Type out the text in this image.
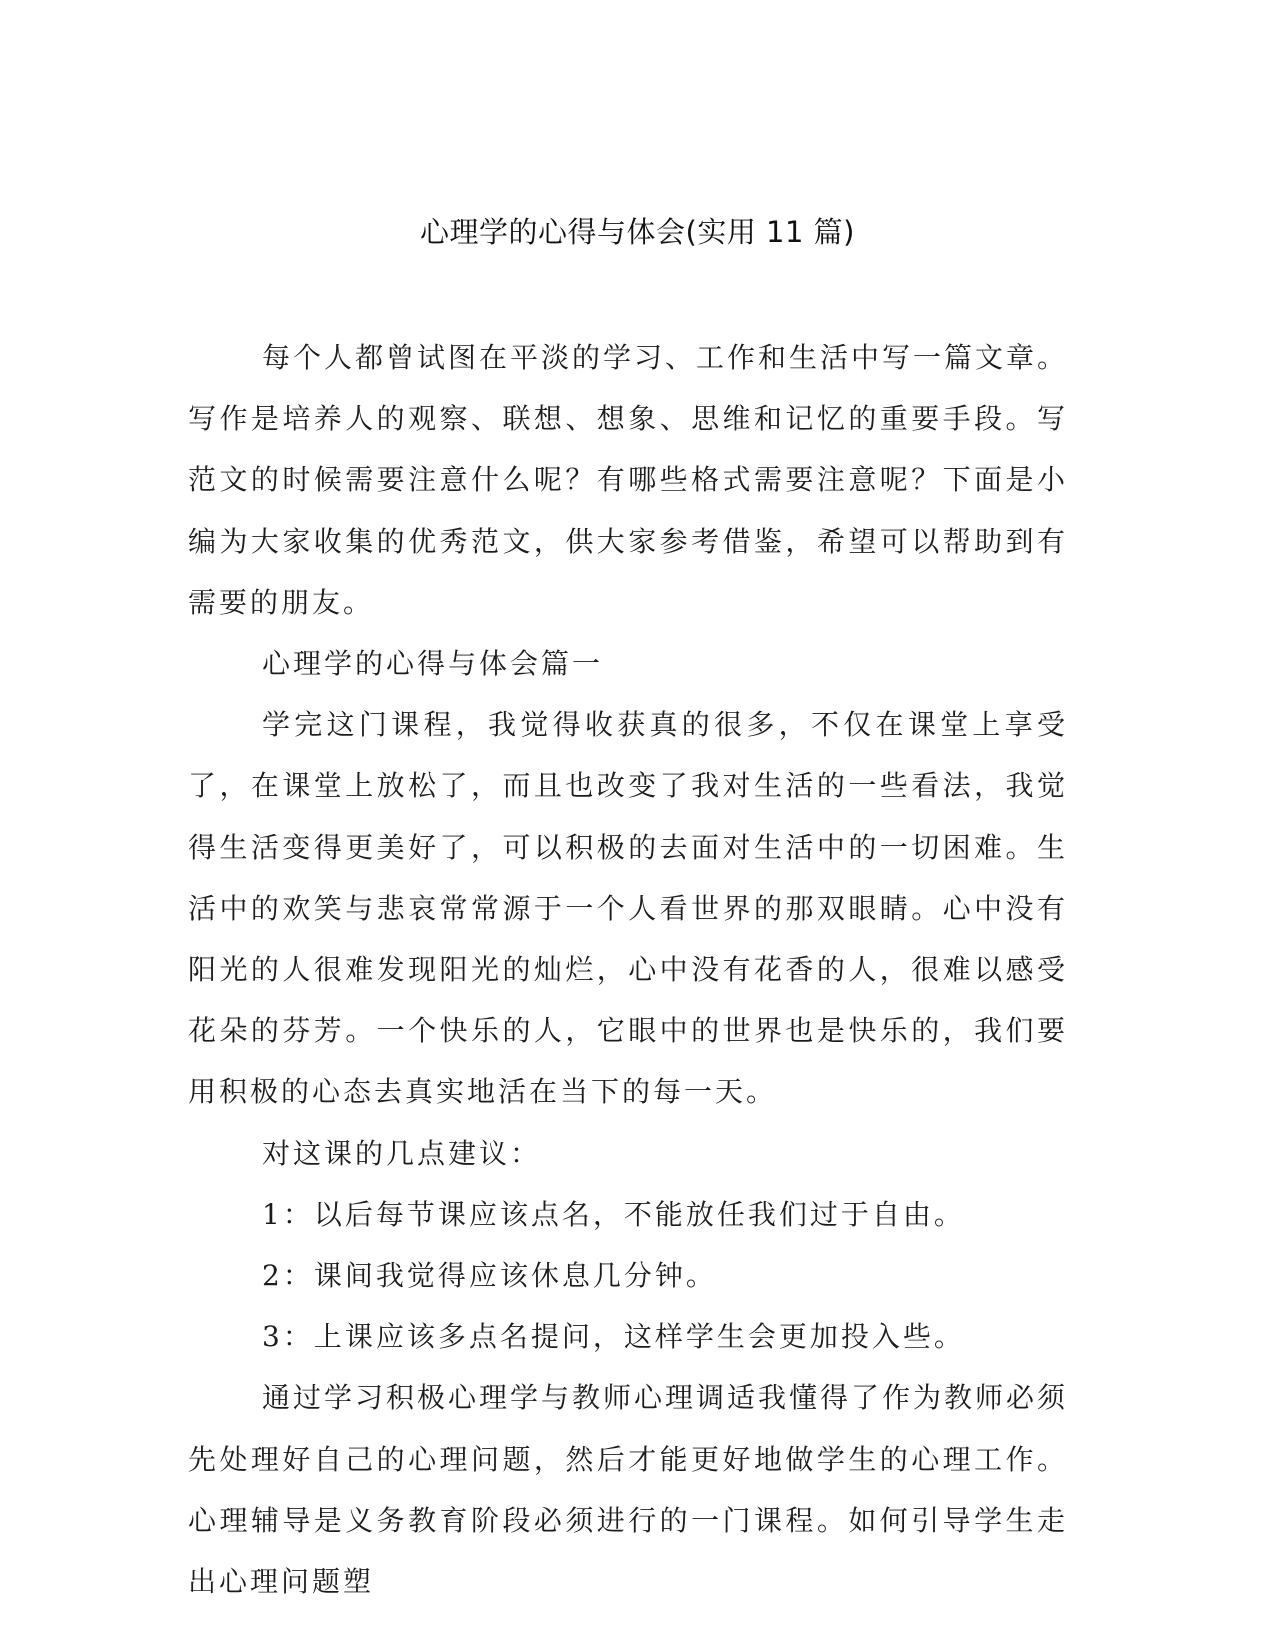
心理学的心得与体会(实用 11 篇)

每个人都曾试图在平淡的学习、工作和生活中写一篇文章。写作是培养人的观察、联想、想象、思维和记忆的重要手段。写范文的时候需要注意什么呢？有哪些格式需要注意呢？下面是小编为大家收集的优秀范文，供大家参考借鉴，希望可以帮助到有需要的朋友。

心理学的心得与体会篇一

学完这门课程，我觉得收获真的很多，不仅在课堂上享受了，在课堂上放松了，而且也改变了我对生活的一些看法，我觉得生活变得更美好了，可以积极的去面对生活中的一切困难。生活中的欢笑与悲哀常常源于一个人看世界的那双眼睛。心中没有阳光的人很难发现阳光的灿烂，心中没有花香的人，很难以感受花朵的芬芳。一个快乐的人，它眼中的世界也是快乐的，我们要用积极的心态去真实地活在当下的每一天。

对这课的几点建议：

1：以后每节课应该点名，不能放任我们过于自由。

2：课间我觉得应该休息几分钟。

3：上课应该多点名提问，这样学生会更加投入些。

通过学习积极心理学与教师心理调适我懂得了作为教师必须先处理好自己的心理问题，然后才能更好地做学生的心理工作。心理辅导是义务教育阶段必须进行的一门课程。如何引导学生走出心理问题塑
